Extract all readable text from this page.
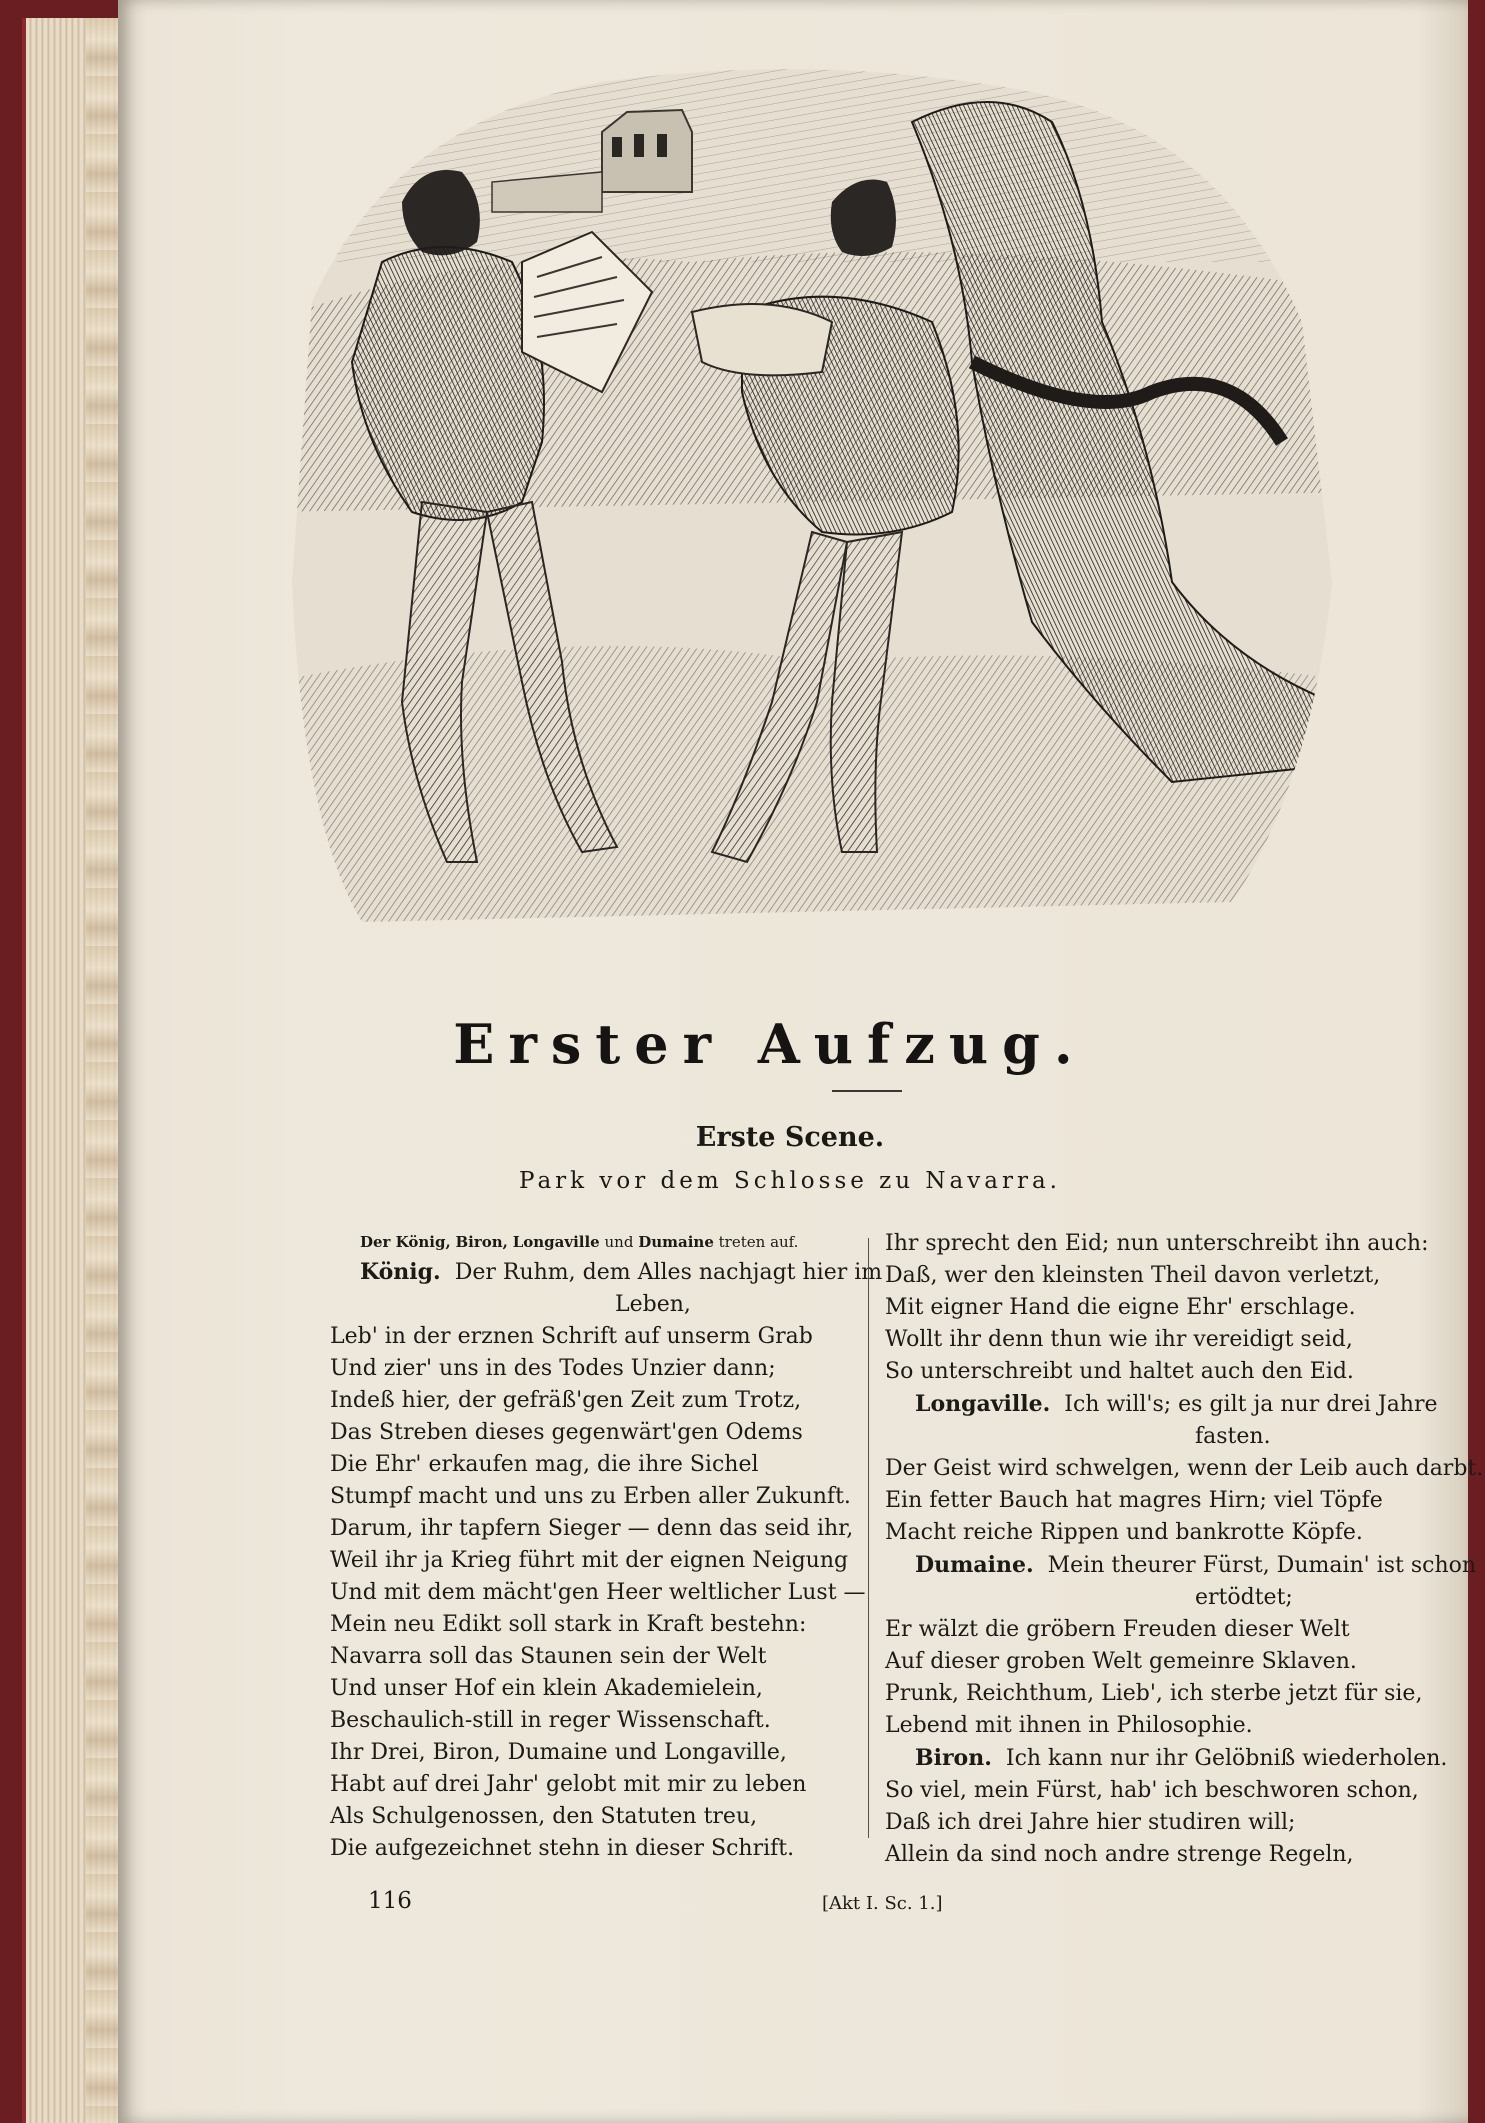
Erster Aufzug.
Erste Scene.
Park vor dem Schlosse zu Navarra.
Der König, Biron, Longaville und Dumaine treten auf.
König. Der Ruhm, dem Alles nachjagt hier im
Leben,
Leb' in der erznen Schrift auf unserm Grab
Und zier' uns in des Todes Unzier dann;
Indeß hier, der gefräß'gen Zeit zum Trotz,
Das Streben dieses gegenwärt'gen Odems
Die Ehr' erkaufen mag, die ihre Sichel
Stumpf macht und uns zu Erben aller Zukunft.
Darum, ihr tapfern Sieger — denn das seid ihr,
Weil ihr ja Krieg führt mit der eignen Neigung
Und mit dem mächt'gen Heer weltlicher Lust —
Mein neu Edikt soll stark in Kraft bestehn:
Navarra soll das Staunen sein der Welt
Und unser Hof ein klein Akademielein,
Beschaulich-still in reger Wissenschaft.
Ihr Drei, Biron, Dumaine und Longaville,
Habt auf drei Jahr' gelobt mit mir zu leben
Als Schulgenossen, den Statuten treu,
Die aufgezeichnet stehn in dieser Schrift.
Ihr sprecht den Eid; nun unterschreibt ihn auch:
Daß, wer den kleinsten Theil davon verletzt,
Mit eigner Hand die eigne Ehr' erschlage.
Wollt ihr denn thun wie ihr vereidigt seid,
So unterschreibt und haltet auch den Eid.
Longaville. Ich will's; es gilt ja nur drei Jahre
fasten.
Der Geist wird schwelgen, wenn der Leib auch darbt.
Ein fetter Bauch hat magres Hirn; viel Töpfe
Macht reiche Rippen und bankrotte Köpfe.
Dumaine. Mein theurer Fürst, Dumain' ist schon
ertödtet;
Er wälzt die gröbern Freuden dieser Welt
Auf dieser groben Welt gemeinre Sklaven.
Prunk, Reichthum, Lieb', ich sterbe jetzt für sie,
Lebend mit ihnen in Philosophie.
Biron. Ich kann nur ihr Gelöbniß wiederholen.
So viel, mein Fürst, hab' ich beschworen schon,
Daß ich drei Jahre hier studiren will;
Allein da sind noch andre strenge Regeln,
116	[Akt I. Sc. 1.]
